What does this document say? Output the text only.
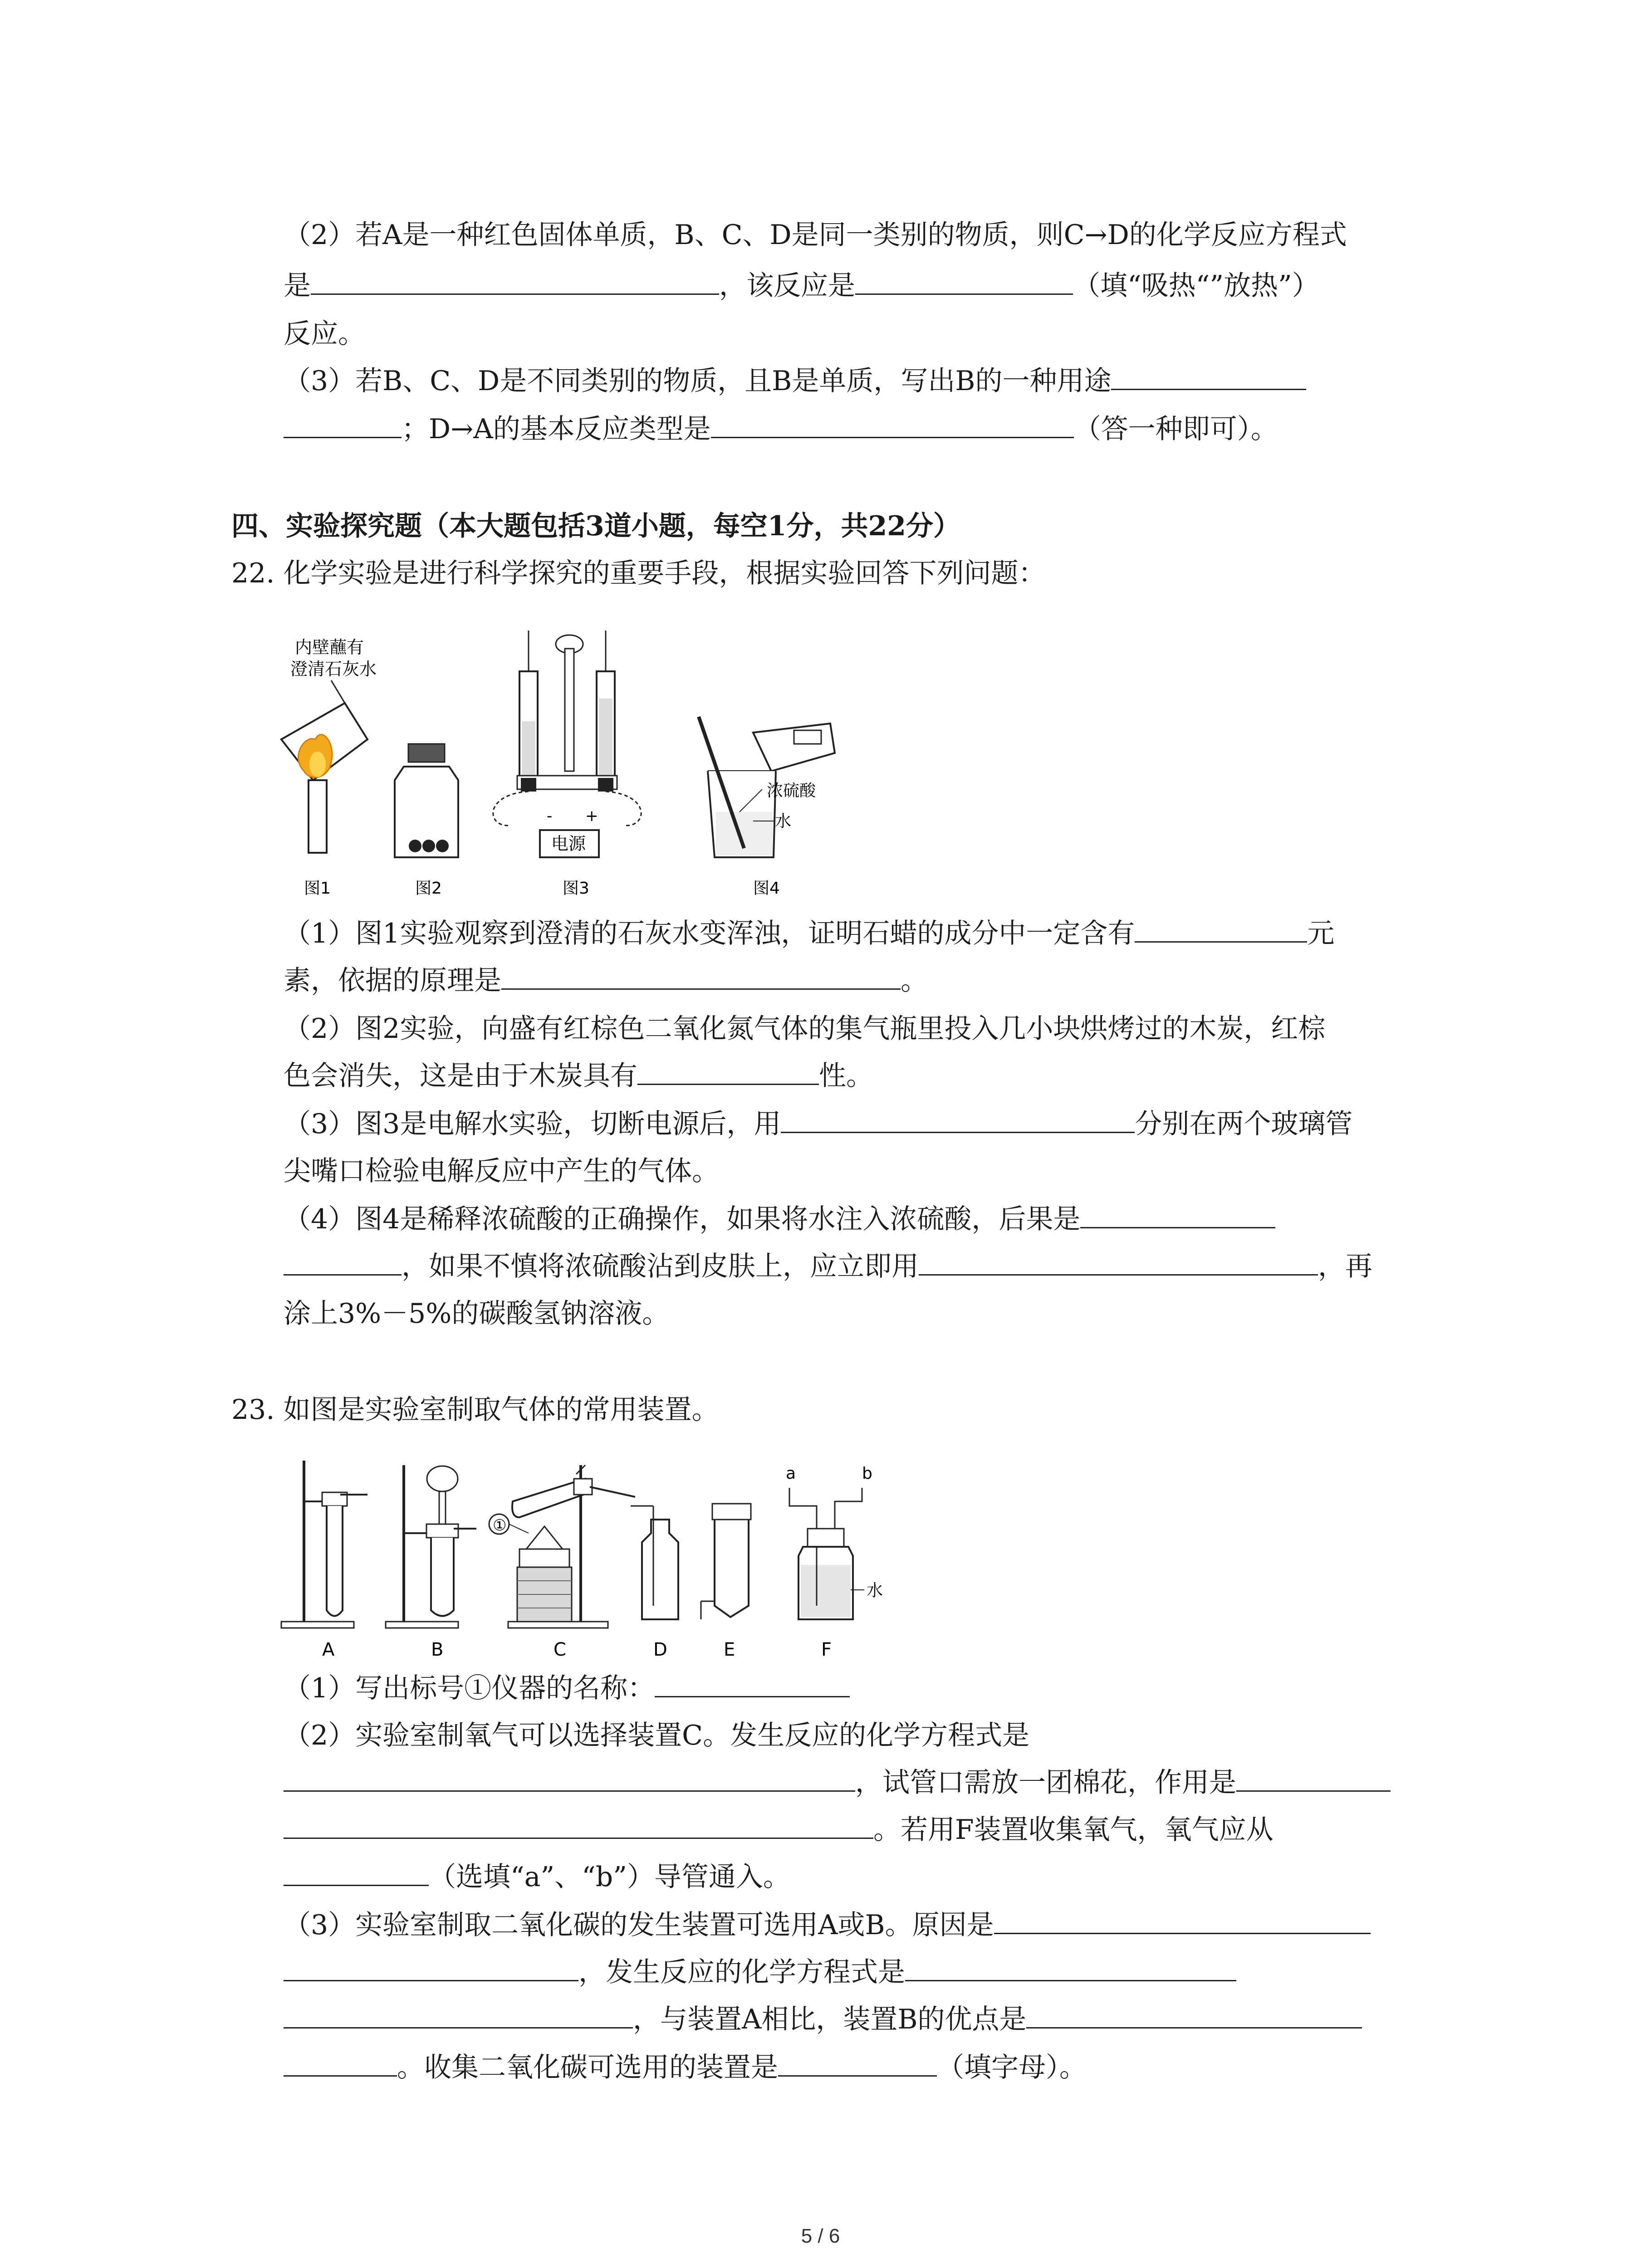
（2）若A是一种红色固体单质，B、C、D是同一类别的物质，则C→D的化学反应方程式
是	，该反应是	（填“吸热“”放热”）
反应。
（3）若B、C、D是不同类别的物质，且B是单质，写出B的一种用途
；D→A的基本反应类型是	（答一种即可）。
四、实验探究题（本大题包括3道小题，每空1分，共22分）
22. 化学实验是进行科学探究的重要手段，根据实验回答下列问题：
内壁蘸有
澄清石灰水
- +
电源
浓硫酸
水
图1	图2	图3	图4
（1）图1实验观察到澄清的石灰水变浑浊，证明石蜡的成分中一定含有	元
素，依据的原理是	。
（2）图2实验，向盛有红棕色二氧化氮气体的集气瓶里投入几小块烘烤过的木炭，红棕
色会消失，这是由于木炭具有	性。
（3）图3是电解水实验，切断电源后，用	分别在两个玻璃管
尖嘴口检验电解反应中产生的气体。
（4）图4是稀释浓硫酸的正确操作，如果将水注入浓硫酸，后果是
，如果不慎将浓硫酸沾到皮肤上，应立即用	，再
涂上3%－5%的碳酸氢钠溶液。
23. 如图是实验室制取气体的常用装置。
A	B
①
C	D	E
a	b
水
F
（1）写出标号①仪器的名称：
（2）实验室制氧气可以选择装置C。发生反应的化学方程式是
，试管口需放一团棉花，作用是
。若用F装置收集氧气，氧气应从
（选填“a”、“b”）导管通入。
（3）实验室制取二氧化碳的发生装置可选用A或B。原因是
，发生反应的化学方程式是
，与装置A相比，装置B的优点是
。收集二氧化碳可选用的装置是	（填字母）。
5 / 6
